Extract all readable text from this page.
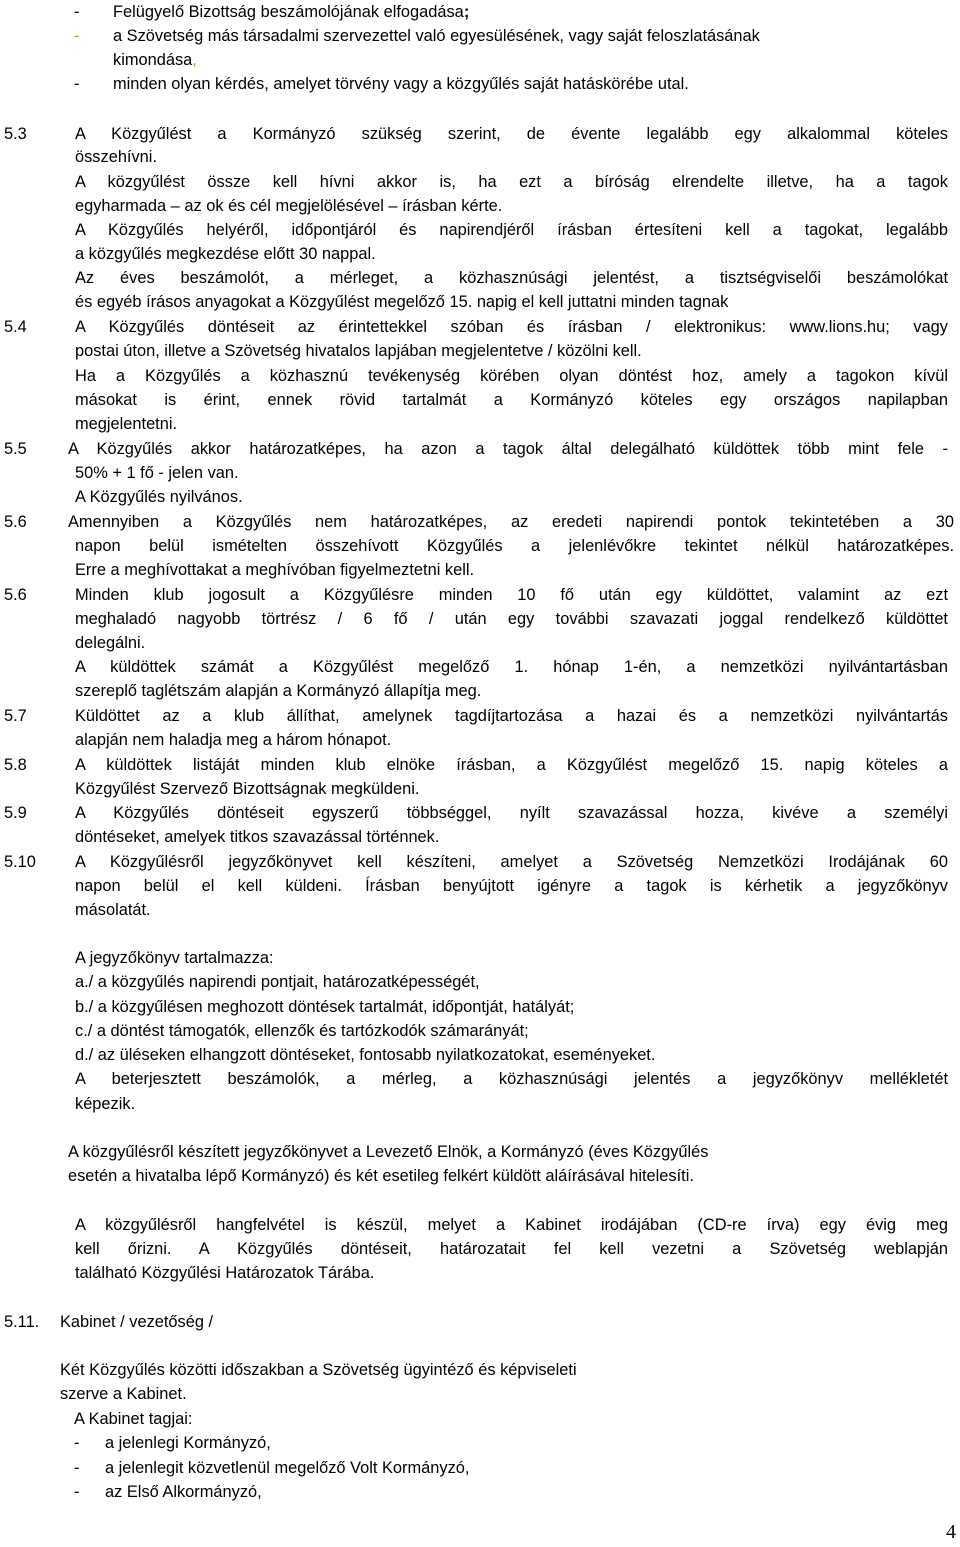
- Felügyelő Bizottság beszámolójának elfogadása;
- a Szövetség más társadalmi szervezettel való egyesülésének, vagy saját feloszlatásának
kimondása,
- minden olyan kérdés, amelyet törvény vagy a közgyűlés saját hatáskörébe utal.
5.3	A Közgyűlést a Kormányzó szükség szerint, de évente legalább egy alkalommal köteles
összehívni.
A közgyűlést össze kell hívni akkor is, ha ezt a bíróság elrendelte illetve, ha a tagok
egyharmada – az ok és cél megjelölésével – írásban kérte.
A Közgyűlés helyéről, időpontjáról és napirendjéről írásban értesíteni kell a tagokat, legalább
a közgyűlés megkezdése előtt 30 nappal.
Az éves beszámolót, a mérleget, a közhasznúsági jelentést, a tisztségviselői beszámolókat
és egyéb írásos anyagokat a Közgyűlést megelőző 15. napig el kell juttatni minden tagnak
5.4	A Közgyűlés döntéseit az érintettekkel szóban és írásban / elektronikus: www.lions.hu; vagy
postai úton, illetve a Szövetség hivatalos lapjában megjelentetve / közölni kell.
Ha a Közgyűlés a közhasznú tevékenység körében olyan döntést hoz, amely a tagokon kívül
másokat is érint, ennek rövid tartalmát a Kormányzó köteles egy országos napilapban
megjelentetni.
5.5	A Közgyűlés akkor határozatképes, ha azon a tagok által delegálható küldöttek több mint fele -
50% + 1 fő - jelen van.
A Közgyűlés nyilvános.
5.6	Amennyiben a Közgyűlés nem határozatképes, az eredeti napirendi pontok tekintetében a 30
napon belül ismételten összehívott Közgyűlés a jelenlévőkre tekintet nélkül határozatképes.
Erre a meghívottakat a meghívóban figyelmeztetni kell.
5.6	Minden klub jogosult a Közgyűlésre minden 10 fő után egy küldöttet, valamint az ezt
meghaladó nagyobb törtrész / 6 fő / után egy további szavazati joggal rendelkező küldöttet
delegálni.
A küldöttek számát a Közgyűlést megelőző 1. hónap 1-én, a nemzetközi nyilvántartásban
szereplő taglétszám alapján a Kormányzó állapítja meg.
5.7	Küldöttet az a klub állíthat, amelynek tagdíjtartozása a hazai és a nemzetközi nyilvántartás
alapján nem haladja meg a három hónapot.
5.8	A küldöttek listáját minden klub elnöke írásban, a Közgyűlést megelőző 15. napig köteles a
Közgyűlést Szervező Bizottságnak megküldeni.
5.9	A Közgyűlés döntéseit egyszerű többséggel, nyílt szavazással hozza, kivéve a személyi
döntéseket, amelyek titkos szavazással történnek.
5.10 A Közgyűlésről jegyzőkönyvet kell készíteni, amelyet a Szövetség Nemzetközi Irodájának 60
napon belül el kell küldeni. Írásban benyújtott igényre a tagok is kérhetik a jegyzőkönyv
másolatát.
A jegyzőkönyv tartalmazza:
a./ a közgyűlés napirendi pontjait, határozatképességét,
b./ a közgyűlésen meghozott döntések tartalmát, időpontját, hatályát;
c./ a döntést támogatók, ellenzők és tartózkodók számarányát;
d./ az üléseken elhangzott döntéseket, fontosabb nyilatkozatokat, eseményeket.
A beterjesztett beszámolók, a mérleg, a közhasznúsági jelentés a jegyzőkönyv mellékletét
képezik.
A közgyűlésről készített jegyzőkönyvet a Levezető Elnök, a Kormányzó (éves Közgyűlés
esetén a hivatalba lépő Kormányzó) és két esetileg felkért küldött aláírásával hitelesíti.
A közgyűlésről hangfelvétel is készül, melyet a Kabinet irodájában (CD-re írva) egy évig meg
kell őrizni. A Közgyűlés döntéseit, határozatait fel kell vezetni a Szövetség weblapján
található Közgyűlési Határozatok Tárába.
5.11. Kabinet / vezetőség /
Két Közgyűlés közötti időszakban a Szövetség ügyintéző és képviseleti
szerve a Kabinet.
A Kabinet tagjai:
- a jelenlegi Kormányzó,
- a jelenlegit közvetlenül megelőző Volt Kormányzó,
- az Első Alkormányzó,
4
